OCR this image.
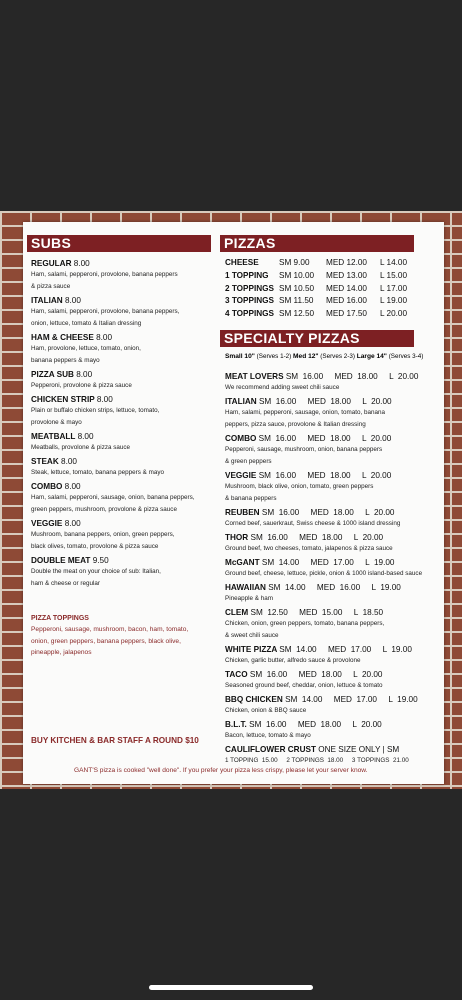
SUBS
REGULAR 8.00
Ham, salami, pepperoni, provolone, banana peppers
& pizza sauce
ITALIAN 8.00
Ham, salami, pepperoni, provolone, banana peppers,
onion, lettuce, tomato & Italian dressing
HAM & CHEESE 8.00
Ham, provolone, lettuce, tomato, onion,
banana peppers & mayo
PIZZA SUB 8.00
Pepperoni, provolone & pizza sauce
CHICKEN STRIP 8.00
Plain or buffalo chicken strips, lettuce, tomato,
provolone & mayo
MEATBALL 8.00
Meatballs, provolone & pizza sauce
STEAK 8.00
Steak, lettuce, tomato, banana peppers & mayo
COMBO 8.00
Ham, salami, pepperoni, sausage, onion, banana peppers,
green peppers, mushroom, provolone & pizza sauce
VEGGIE 8.00
Mushroom, banana peppers, onion, green peppers,
black olives, tomato, provolone & pizza sauce
DOUBLE MEAT 9.50
Double the meat on your choice of sub: Italian,
ham & cheese or regular
PIZZA TOPPINGS
Pepperoni, sausage, mushroom, bacon, ham, tomato,
onion, green peppers, banana peppers, black olive,
pineapple, jalapenos
BUY KITCHEN & BAR STAFF A ROUND $10
PIZZAS
CHEESE SM 9.00 MED 12.00 L 14.00
1 TOPPING SM 10.00 MED 13.00 L 15.00
2 TOPPINGS SM 10.50 MED 14.00 L 17.00
3 TOPPINGS SM 11.50 MED 16.00 L 19.00
4 TOPPINGS SM 12.50 MED 17.50 L 20.00
SPECIALTY PIZZAS
Small 10" (Serves 1-2) Med 12" (Serves 2-3) Large 14" (Serves 3-4)
MEAT LOVERS SM  16.00     MED  18.00     L  20.00
We recommend adding sweet chili sauce
ITALIAN SM  16.00     MED  18.00     L  20.00
Ham, salami, pepperoni, sausage, onion, tomato, banana
peppers, pizza sauce, provolone & Italian dressing
COMBO SM  16.00     MED  18.00     L  20.00
Pepperoni, sausage, mushroom, onion, banana peppers
& green peppers
VEGGIE SM  16.00     MED  18.00     L  20.00
Mushroom, black olive, onion, tomato, green peppers
& banana peppers
REUBEN SM  16.00     MED  18.00     L  20.00
Corned beef, sauerkraut, Swiss cheese & 1000 island dressing
THOR SM  16.00     MED  18.00     L  20.00
Ground beef, two cheeses, tomato, jalapenos & pizza sauce
McGANT SM  14.00     MED  17.00     L  19.00
Ground beef, cheese, lettuce, pickle, onion & 1000 island-based sauce
HAWAIIAN SM  14.00     MED  16.00     L  19.00
Pineapple & ham
CLEM SM  12.50     MED  15.00     L  18.50
Chicken, onion, green peppers, tomato, banana peppers,
& sweet chili sauce
WHITE PIZZA SM  14.00     MED  17.00     L  19.00
Chicken, garlic butter, alfredo sauce & provolone
TACO SM  16.00     MED  18.00     L  20.00
Seasoned ground beef, cheddar, onion, lettuce & tomato
BBQ CHICKEN SM  14.00     MED  17.00     L  19.00
Chicken, onion & BBQ sauce
B.L.T. SM  16.00     MED  18.00     L  20.00
Bacon, lettuce, tomato & mayo
CAULIFLOWER CRUST ONE SIZE ONLY | SM
1 TOPPING  15.00     2 TOPPINGS  18.00     3 TOPPINGS  21.00
GANT'S pizza is cooked "well done". If you prefer your pizza less crispy, please let your server know.
